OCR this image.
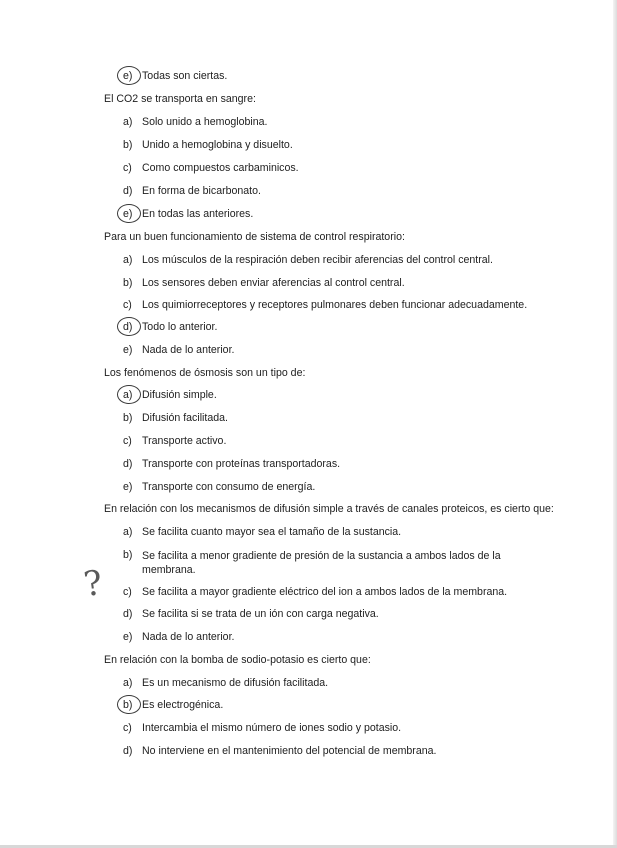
e) Todas son ciertas.
El CO2 se transporta en sangre:
a) Solo unido a hemoglobina.
b) Unido a hemoglobina y disuelto.
c) Como compuestos carbaminicos.
d) En forma de bicarbonato.
e) En todas las anteriores.
Para un buen funcionamiento de sistema de control respiratorio:
a) Los músculos de la respiración deben recibir aferencias del control central.
b) Los sensores deben enviar aferencias al control central.
c) Los quimiorreceptores y receptores pulmonares deben funcionar adecuadamente.
d) Todo lo anterior.
e) Nada de lo anterior.
Los fenómenos de ósmosis son un tipo de:
a) Difusión simple.
b) Difusión facilitada.
c) Transporte activo.
d) Transporte con proteínas transportadoras.
e) Transporte con consumo de energía.
En relación con los mecanismos de difusión simple a través de canales proteicos, es cierto que:
a) Se facilita cuanto mayor sea el tamaño de la sustancia.
b) Se facilita a menor gradiente de presión de la sustancia a ambos lados de la membrana.
c) Se facilita a mayor gradiente eléctrico del ion a ambos lados de la membrana.
d) Se facilita si se trata de un ión con carga negativa.
e) Nada de lo anterior.
En relación con la bomba de sodio-potasio es cierto que:
a) Es un mecanismo de difusión facilitada.
b) Es electrogénica.
c) Intercambia el mismo número de iones sodio y potasio.
d) No interviene en el mantenimiento del potencial de membrana.
?
